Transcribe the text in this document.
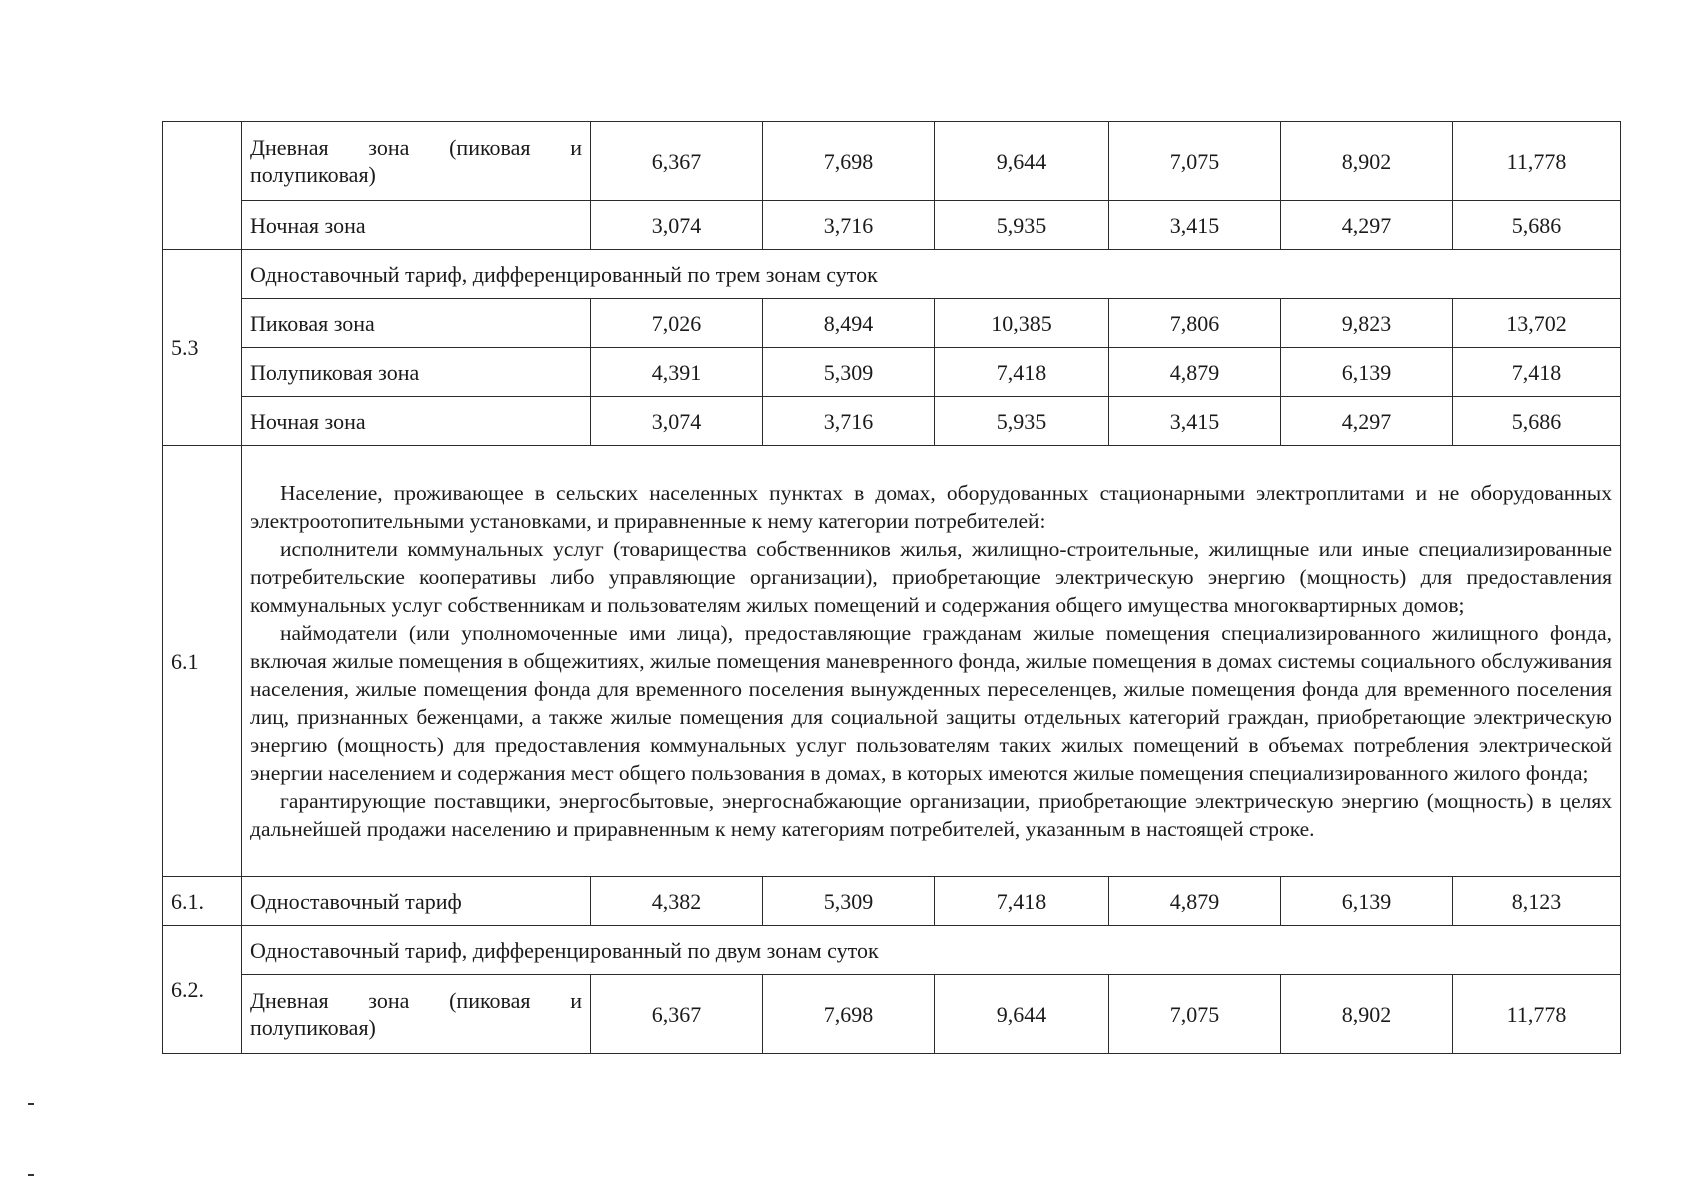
	Дневная зона (пиковая и полупиковая)	6,367	7,698	9,644	7,075	8,902	11,778
	Ночная зона	3,074	3,716	5,935	3,415	4,297	5,686
5.3	Одноставочный тариф, дифференцированный по трем зонам суток						
	Пиковая зона	7,026	8,494	10,385	7,806	9,823	13,702
	Полупиковая зона	4,391	5,309	7,418	4,879	6,139	7,418
	Ночная зона	3,074	3,716	5,935	3,415	4,297	5,686
6.1	Население, проживающее в сельских населенных пунктах в домах, оборудованных стационарными электроплитами и не оборудованных электроотопительными установками, и приравненные к нему категории потребителей:

исполнители коммунальных услуг (товарищества собственников жилья, жилищно-строительные, жилищные или иные специализированные потребительские кооперативы либо управляющие организации), приобретающие электрическую энергию (мощность) для предоставления коммунальных услуг собственникам и пользователям жилых помещений и содержания общего имущества многоквартирных домов;

наймодатели (или уполномоченные ими лица), предоставляющие гражданам жилые помещения специализированного жилищного фонда, включая жилые помещения в общежитиях, жилые помещения маневренного фонда, жилые помещения в домах системы социального обслуживания населения, жилые помещения фонда для временного поселения вынужденных переселенцев, жилые помещения фонда для временного поселения лиц, признанных беженцами, а также жилые помещения для социальной защиты отдельных категорий граждан, приобретающие электрическую энергию (мощность) для предоставления коммунальных услуг пользователям таких жилых помещений в объемах потребления электрической энергии населением и содержания мест общего пользования в домах, в которых имеются жилые помещения специализированного жилого фонда;

гарантирующие поставщики, энергосбытовые, энергоснабжающие организации, приобретающие электрическую энергию (мощность) в целях дальнейшей продажи населению и приравненным к нему категориям потребителей, указанным в настоящей строке.						

6.1.	Одноставочный тариф	4,382	5,309	7,418	4,879	6,139	8,123
6.2.	Одноставочный тариф, дифференцированный по двум зонам суток						

	Дневная зона (пиковая и полупиковая)	6,367	7,698	9,644	7,075	8,902	11,778
